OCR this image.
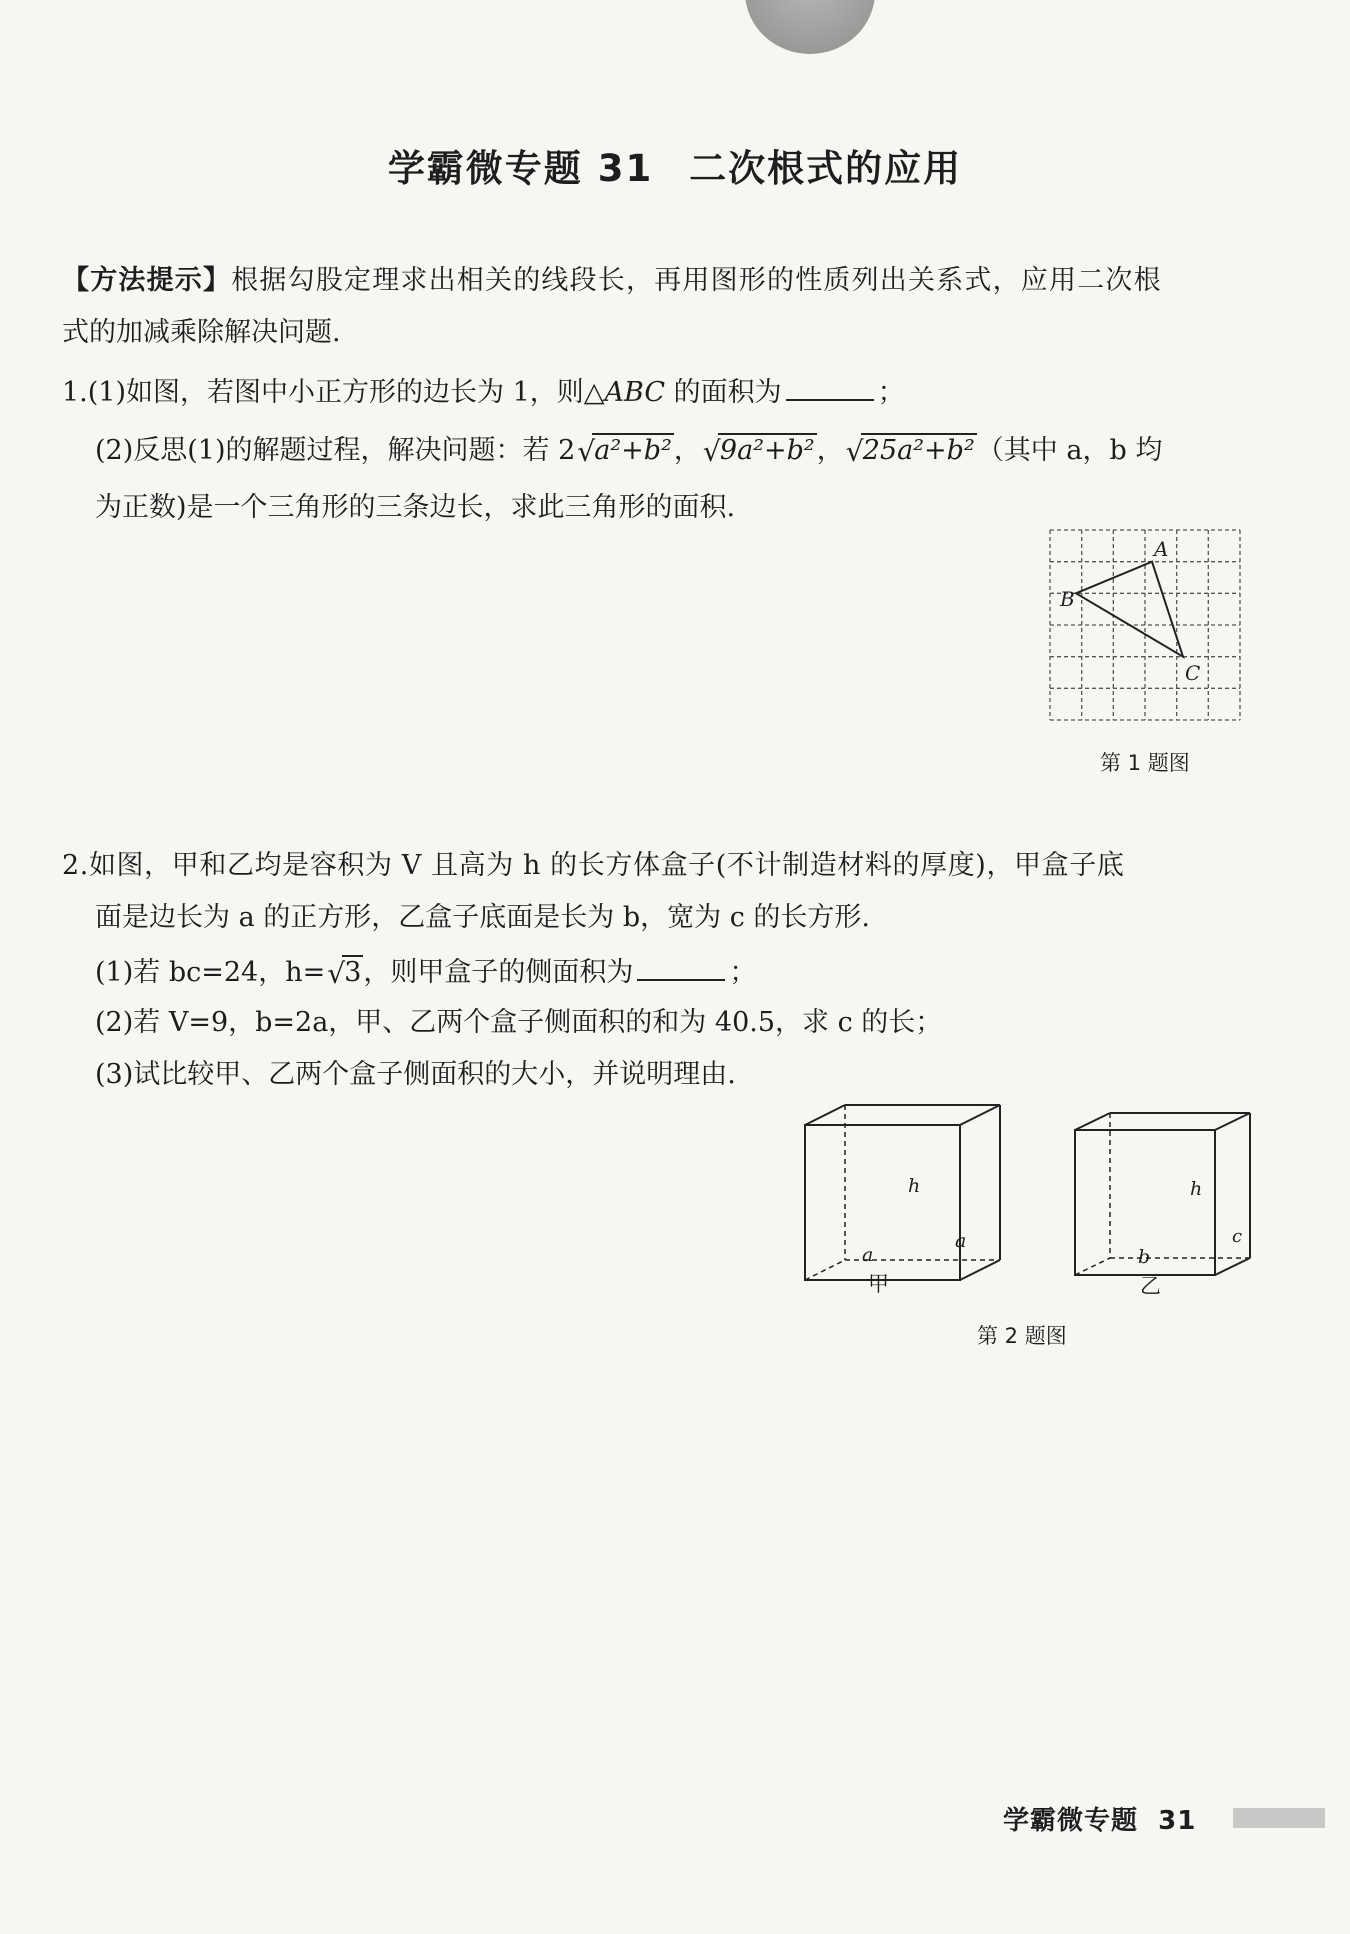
学霸微专题 31 二次根式的应用
【方法提示】根据勾股定理求出相关的线段长，再用图形的性质列出关系式，应用二次根
式的加减乘除解决问题.
1.(1)如图，若图中小正方形的边长为 1，则△ABC 的面积为	；
(2)反思(1)的解题过程，解决问题：若 2 √ a²+b²， √ 9a²+b²， √ 25a²+b²（其中 a，b 均
为正数)是一个三角形的三条边长，求此三角形的面积.
A
B
C
第 1 题图
2.如图，甲和乙均是容积为 V 且高为 h 的长方体盒子(不计制造材料的厚度)，甲盒子底
面是边长为 a 的正方形，乙盒子底面是长为 b，宽为 c 的长方形.
(1)若 bc=24，h= √ 3，则甲盒子的侧面积为	；
(2)若 V=9，b=2a，甲、乙两个盒子侧面积的和为 40.5，求 c 的长；
(3)试比较甲、乙两个盒子侧面积的大小，并说明理由.
h	h
a
a
甲
b
c
乙
第 2 题图
学霸微专题 31
